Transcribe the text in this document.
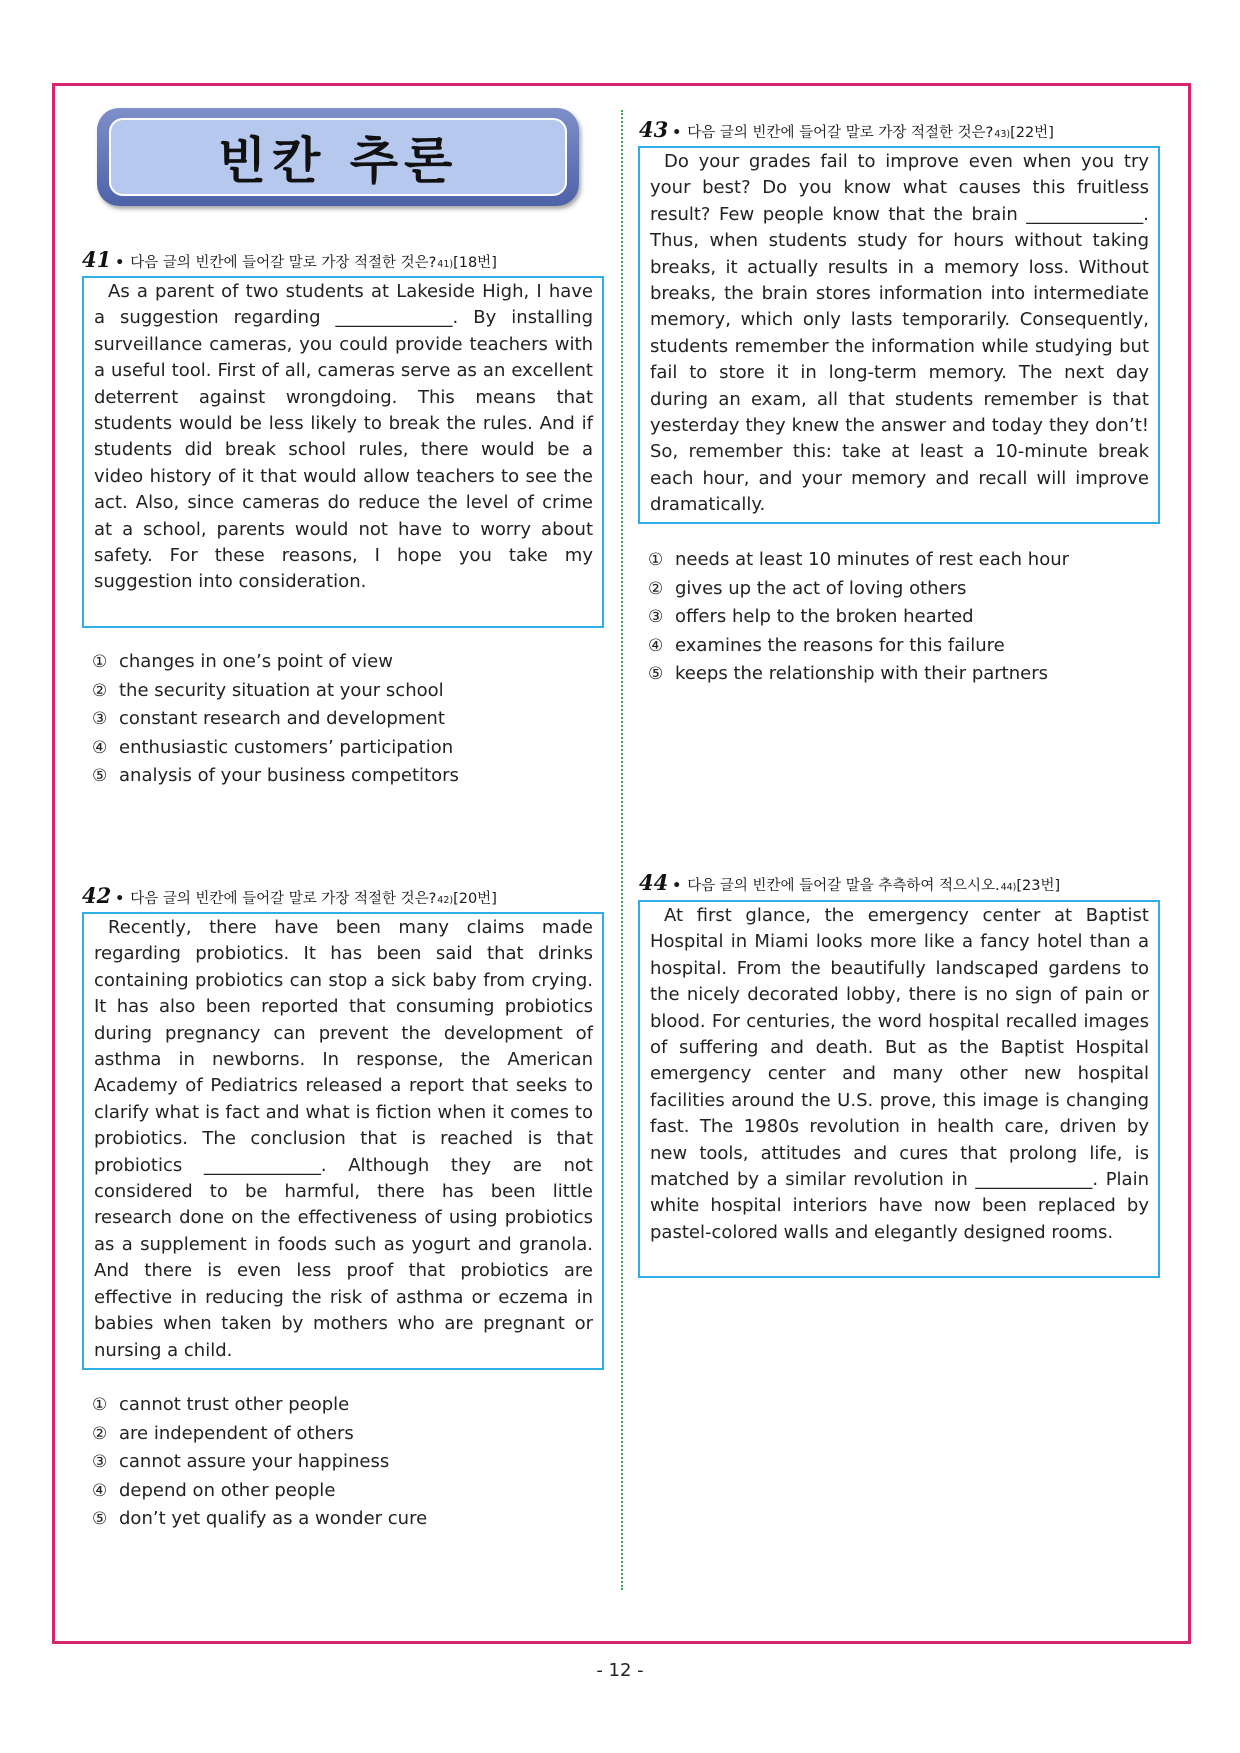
빈칸 추론
41 • 다음 글의 빈칸에 들어갈 말로 가장 적절한 것은? 41) [18번]

As a parent of two students at Lakeside High, I have a suggestion regarding _____________. By installing surveillance cameras, you could provide teachers with a useful tool. First of all, cameras serve as an excellent deterrent against wrongdoing. This means that students would be less likely to break the rules. And if students did break school rules, there would be a video history of it that would allow teachers to see the act. Also, since cameras do reduce the level of crime at a school, parents would not have to worry about safety. For these reasons, I hope you take my suggestion into consideration.

① changes in one’s point of view
② the security situation at your school
③ constant research and development
④ enthusiastic customers’ participation
⑤ analysis of your business competitors
42 • 다음 글의 빈칸에 들어갈 말로 가장 적절한 것은? 42) [20번]

Recently, there have been many claims made regarding probiotics. It has been said that drinks containing probiotics can stop a sick baby from crying. It has also been reported that consuming probiotics during pregnancy can prevent the development of asthma in newborns. In response, the American Academy of Pediatrics released a report that seeks to clarify what is fact and what is fiction when it comes to probiotics. The conclusion that is reached is that probiotics _____________. Although they are not considered to be harmful, there has been little research done on the effectiveness of using probiotics as a supplement in foods such as yogurt and granola. And there is even less proof that probiotics are effective in reducing the risk of asthma or eczema in babies when taken by mothers who are pregnant or nursing a child.

① cannot trust other people
② are independent of others
③ cannot assure your happiness
④ depend on other people
⑤ don’t yet qualify as a wonder cure
43 • 다음 글의 빈칸에 들어갈 말로 가장 적절한 것은? 43) [22번]

Do your grades fail to improve even when you try your best? Do you know what causes this fruitless result? Few people know that the brain _____________. Thus, when students study for hours without taking breaks, it actually results in a memory loss. Without breaks, the brain stores information into intermediate memory, which only lasts temporarily. Consequently, students remember the information while studying but fail to store it in long-term memory. The next day during an exam, all that students remember is that yesterday they knew the answer and today they don’t! So, remember this: take at least a 10-minute break each hour, and your memory and recall will improve dramatically.

① needs at least 10 minutes of rest each hour
② gives up the act of loving others
③ offers help to the broken hearted
④ examines the reasons for this failure
⑤ keeps the relationship with their partners
44 • 다음 글의 빈칸에 들어갈 말을 추측하여 적으시오. 44) [23번]

At first glance, the emergency center at Baptist Hospital in Miami looks more like a fancy hotel than a hospital. From the beautifully landscaped gardens to the nicely decorated lobby, there is no sign of pain or blood. For centuries, the word hospital recalled images of suffering and death. But as the Baptist Hospital emergency center and many other new hospital facilities around the U.S. prove, this image is changing fast. The 1980s revolution in health care, driven by new tools, attitudes and cures that prolong life, is matched by a similar revolution in _____________. Plain white hospital interiors have now been replaced by pastel-colored walls and elegantly designed rooms.

- 12 -
